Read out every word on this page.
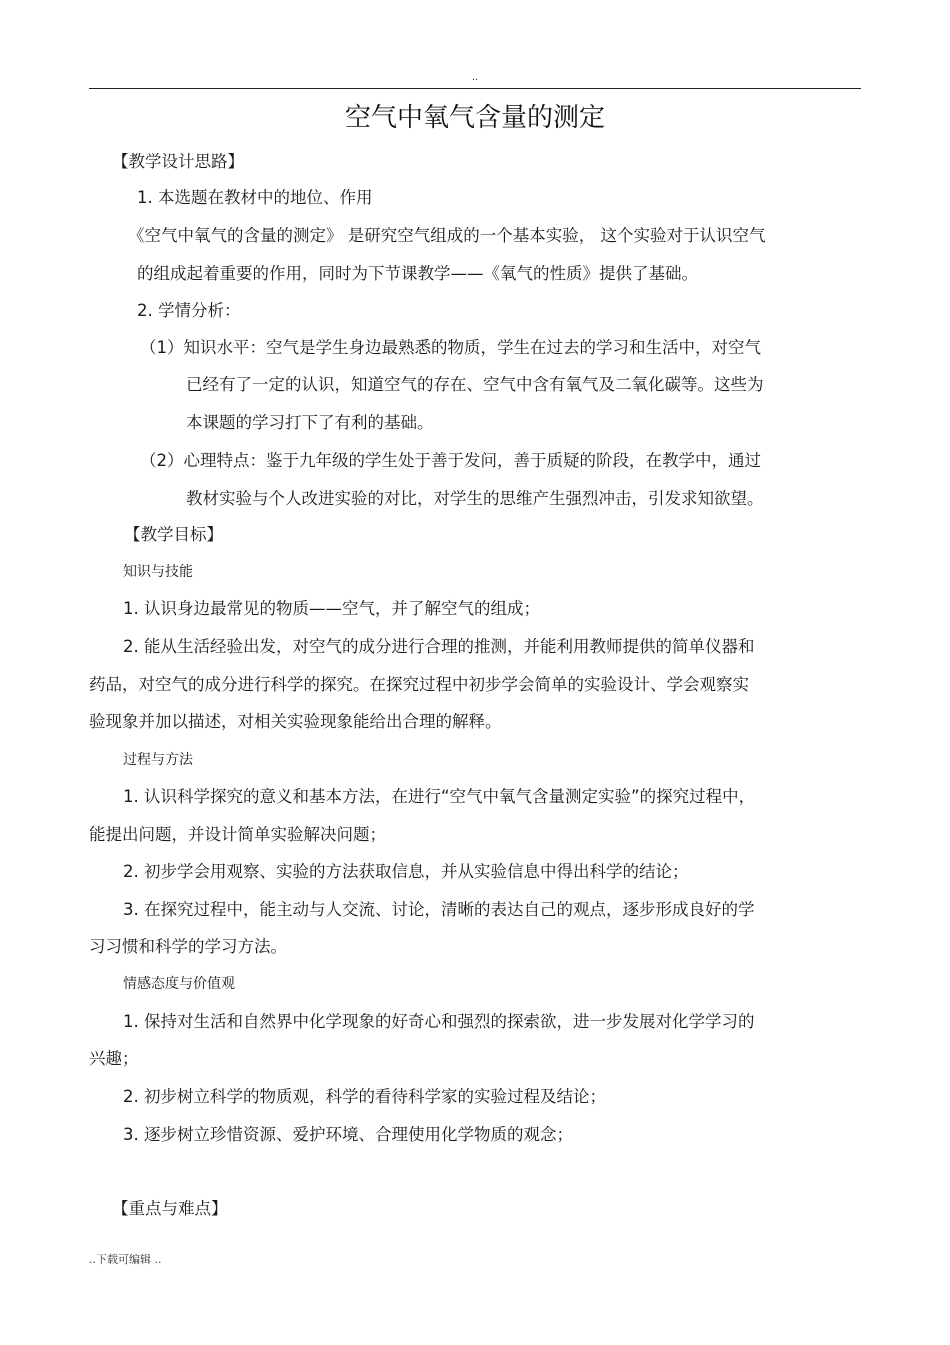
..
空气中氧气含量的测定
【教学设计思路】
1. 本选题在教材中的地位、作用
《空气中氧气的含量的测定》 是研究空气组成的一个基本实验， 这个实验对于认识空气
的组成起着重要的作用，同时为下节课教学——《氧气的性质》提供了基础。
2. 学情分析：
（1）知识水平：空气是学生身边最熟悉的物质，学生在过去的学习和生活中，对空气
已经有了一定的认识，知道空气的存在、空气中含有氧气及二氧化碳等。这些为
本课题的学习打下了有利的基础。
（2）心理特点：鉴于九年级的学生处于善于发问，善于质疑的阶段，在教学中，通过
教材实验与个人改进实验的对比，对学生的思维产生强烈冲击，引发求知欲望。
【教学目标】
知识与技能
1. 认识身边最常见的物质——空气，并了解空气的组成；
2. 能从生活经验出发，对空气的成分进行合理的推测，并能利用教师提供的简单仪器和
药品，对空气的成分进行科学的探究。在探究过程中初步学会简单的实验设计、学会观察实
验现象并加以描述，对相关实验现象能给出合理的解释。
过程与方法
1. 认识科学探究的意义和基本方法，在进行“空气中氧气含量测定实验”的探究过程中，
能提出问题，并设计简单实验解决问题；
2. 初步学会用观察、实验的方法获取信息，并从实验信息中得出科学的结论；
3. 在探究过程中，能主动与人交流、讨论，清晰的表达自己的观点，逐步形成良好的学
习习惯和科学的学习方法。
情感态度与价值观
1. 保持对生活和自然界中化学现象的好奇心和强烈的探索欲，进一步发展对化学学习的
兴趣；
2. 初步树立科学的物质观，科学的看待科学家的实验过程及结论；
3. 逐步树立珍惜资源、爱护环境、合理使用化学物质的观念；
【重点与难点】
..下载可编辑 ..
